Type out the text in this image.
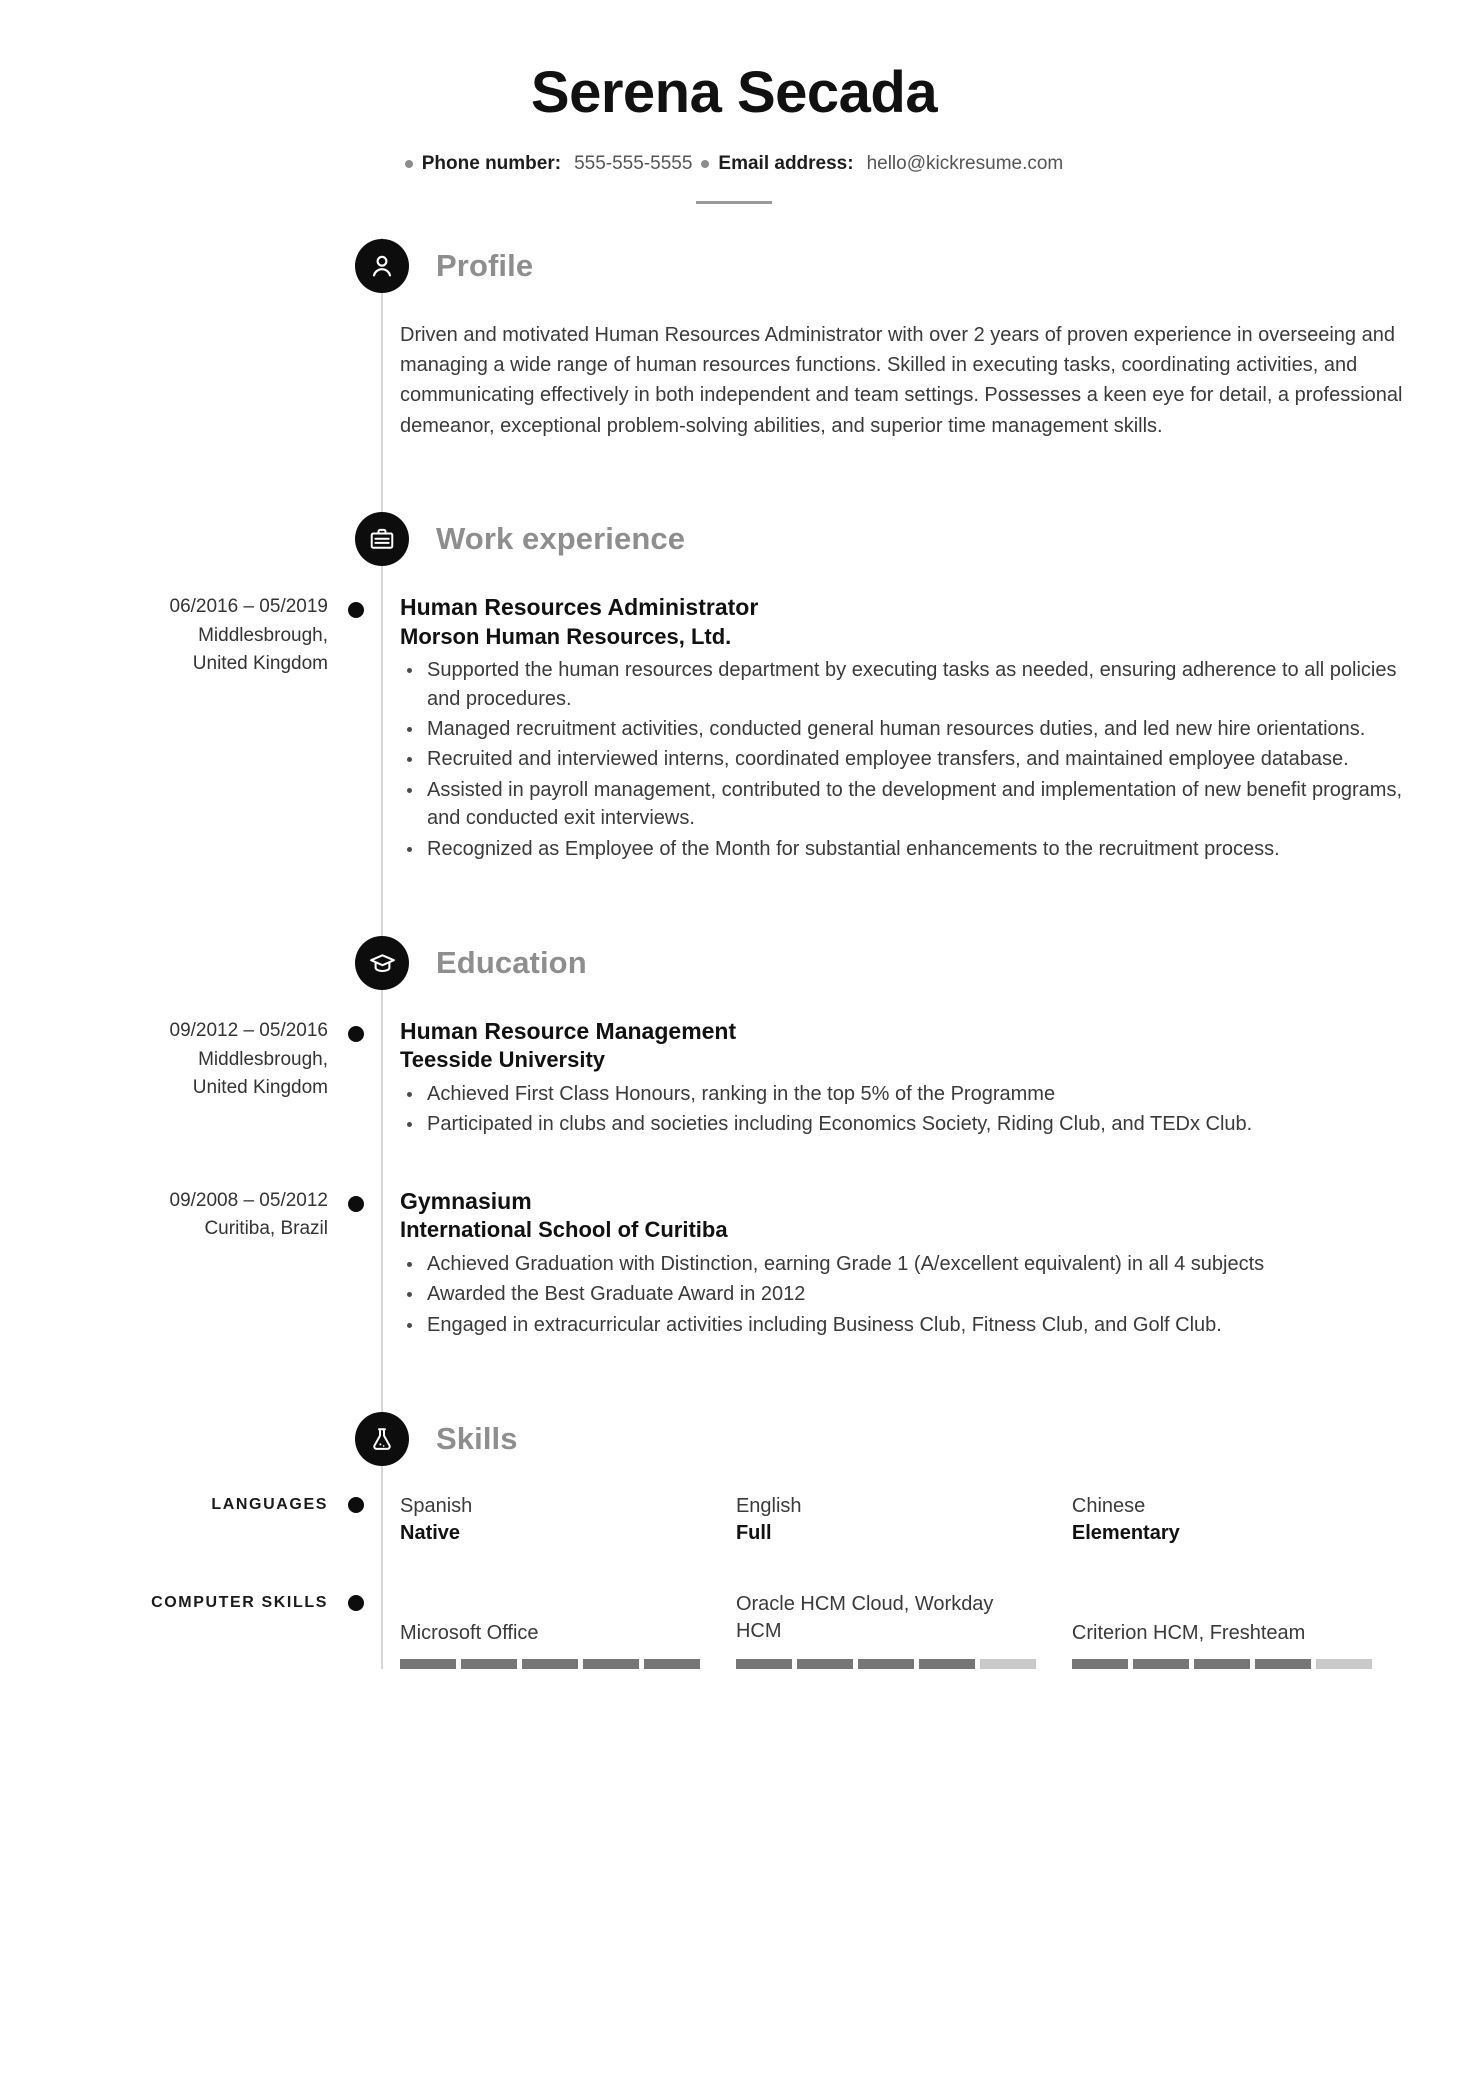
Serena Secada
Phone number: 555-555-5555 Email address: hello@kickresume.com
Profile
Driven and motivated Human Resources Administrator with over 2 years of proven experience in overseeing and managing a wide range of human resources functions. Skilled in executing tasks, coordinating activities, and communicating effectively in both independent and team settings. Possesses a keen eye for detail, a professional demeanor, exceptional problem-solving abilities, and superior time management skills.
Work experience
06/2016 – 05/2019
Middlesbrough,
United Kingdom
Human Resources Administrator
Morson Human Resources, Ltd.
Supported the human resources department by executing tasks as needed, ensuring adherence to all policies and procedures.
Managed recruitment activities, conducted general human resources duties, and led new hire orientations.
Recruited and interviewed interns, coordinated employee transfers, and maintained employee database.
Assisted in payroll management, contributed to the development and implementation of new benefit programs, and conducted exit interviews.
Recognized as Employee of the Month for substantial enhancements to the recruitment process.
Education
09/2012 – 05/2016
Middlesbrough,
United Kingdom
Human Resource Management
Teesside University
Achieved First Class Honours, ranking in the top 5% of the Programme
Participated in clubs and societies including Economics Society, Riding Club, and TEDx Club.
09/2008 – 05/2012
Curitiba, Brazil
Gymnasium
International School of Curitiba
Achieved Graduation with Distinction, earning Grade 1 (A/excellent equivalent) in all 4 subjects
Awarded the Best Graduate Award in 2012
Engaged in extracurricular activities including Business Club, Fitness Club, and Golf Club.
Skills
LANGUAGES	Spanish
Native
English
Full
Chinese
Elementary
COMPUTER SKILLS
Microsoft Office
Oracle HCM Cloud, Workday HCM	Criterion HCM, Freshteam
